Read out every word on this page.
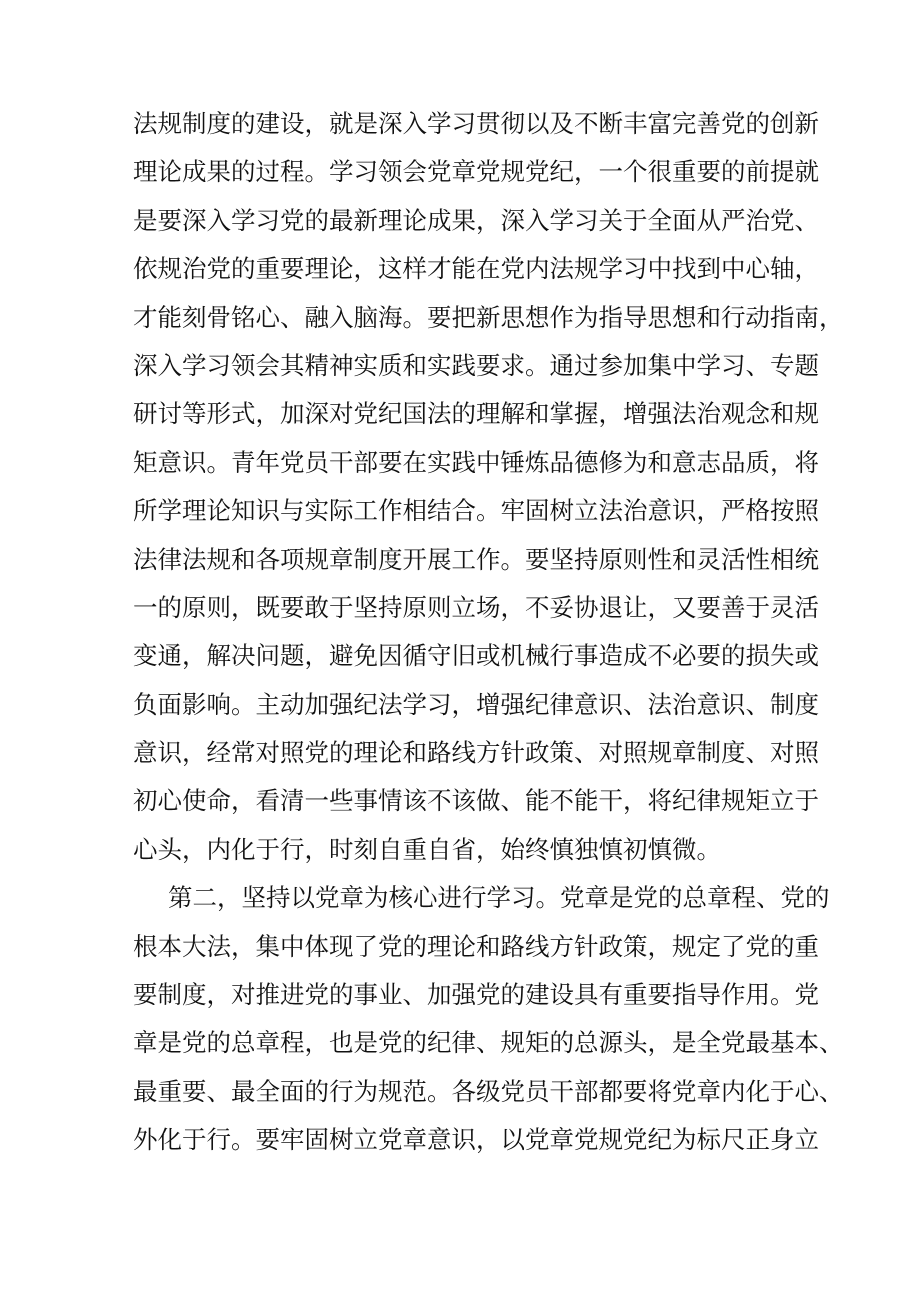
法 规 制 度 的 建 设 ， 就 是 深 入 学 习 贯 彻 以 及 不 断 丰 富 完 善 党 的 创 新
理 论 成 果 的 过 程 。 学 习 领 会 党 章 党 规 党 纪 ， 一 个 很 重 要 的 前 提 就
是 要 深 入 学 习 党 的 最 新 理 论 成 果 ， 深 入 学 习 关 于 全 面 从 严 治 党 、
依 规 治 党 的 重 要 理 论 ， 这 样 才 能 在 党 内 法 规 学 习 中 找 到 中 心 轴 ，
才 能 刻 骨 铭 心 、 融 入 脑 海 。 要 把 新 思 想 作 为 指 导 思 想 和 行 动 指 南 ，
深 入 学 习 领 会 其 精 神 实 质 和 实 践 要 求 。 通 过 参 加 集 中 学 习 、 专 题
研 讨 等 形 式 ， 加 深 对 党 纪 国 法 的 理 解 和 掌 握 ， 增 强 法 治 观 念 和 规
矩 意 识 。 青 年 党 员 干 部 要 在 实 践 中 锤 炼 品 德 修 为 和 意 志 品 质 ， 将
所 学 理 论 知 识 与 实 际 工 作 相 结 合 。 牢 固 树 立 法 治 意 识 ， 严 格 按 照
法 律 法 规 和 各 项 规 章 制 度 开 展 工 作 。 要 坚 持 原 则 性 和 灵 活 性 相 统
一 的 原 则 ， 既 要 敢 于 坚 持 原 则 立 场 ， 不 妥 协 退 让 ， 又 要 善 于 灵 活
变 通 ， 解 决 问 题 ， 避 免 因 循 守 旧 或 机 械 行 事 造 成 不 必 要 的 损 失 或
负 面 影 响 。 主 动 加 强 纪 法 学 习 ， 增 强 纪 律 意 识 、 法 治 意 识 、 制 度
意 识 ， 经 常 对 照 党 的 理 论 和 路 线 方 针 政 策 、 对 照 规 章 制 度 、 对 照
初 心 使 命 ， 看 清 一 些 事 情 该 不 该 做 、 能 不 能 干 ， 将 纪 律 规 矩 立 于
心头，内化于行，时刻自重自省，始终慎独慎初慎微。
第 二 ， 坚 持 以 党 章 为 核 心 进 行 学 习 。 党 章 是 党 的 总 章 程 、 党 的
根 本 大 法 ， 集 中 体 现 了 党 的 理 论 和 路 线 方 针 政 策 ， 规 定 了 党 的 重
要 制 度 ， 对 推 进 党 的 事 业 、 加 强 党 的 建 设 具 有 重 要 指 导 作 用 。 党
章 是 党 的 总 章 程 ， 也 是 党 的 纪 律 、 规 矩 的 总 源 头 ， 是 全 党 最 基 本 、
最 重 要 、 最 全 面 的 行 为 规 范 。 各 级 党 员 干 部 都 要 将 党 章 内 化 于 心 、
外 化 于 行 。 要 牢 固 树 立 党 章 意 识 ， 以 党 章 党 规 党 纪 为 标 尺 正 身 立
